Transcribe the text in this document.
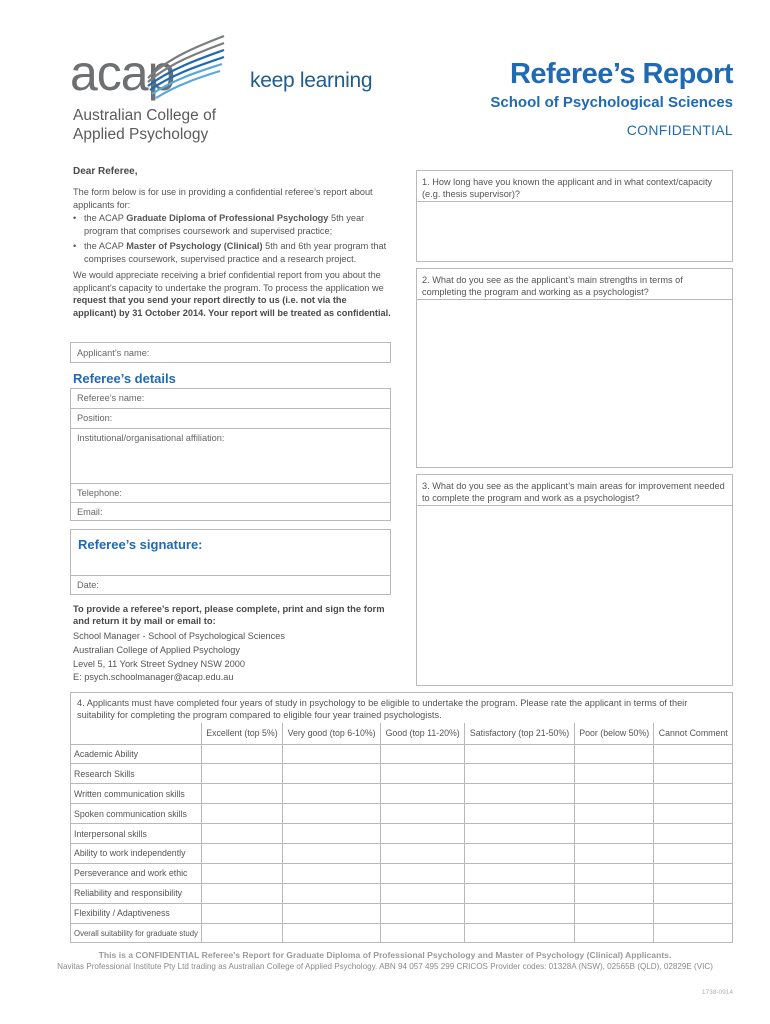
acap	keep learning
Australian College of
Applied Psychology
Referee’s Report
School of Psychological Sciences
CONFIDENTIAL
Dear Referee,
The form below is for use in providing a confidential referee’s report about applicants for:
• the ACAP Graduate Diploma of Professional Psychology 5th year program that comprises coursework and supervised practice;
• the ACAP Master of Psychology (Clinical) 5th and 6th year program that comprises coursework, supervised practice and a research project.
We would appreciate receiving a brief confidential report from you about the applicant’s capacity to undertake the program. To process the application we request that you send your report directly to us (i.e. not via the applicant) by 31 October 2014. Your report will be treated as confidential.
Applicant’s name:
Referee’s details
Referee’s name:
Position:
Institutional/organisational affiliation:
Telephone:
Email:
Referee’s signature:
Date:
To provide a referee’s report, please complete, print and sign the form and return it by mail or email to:
School Manager - School of Psychological Sciences
Australian College of Applied Psychology
Level 5, 11 York Street Sydney NSW 2000
E: psych.schoolmanager@acap.edu.au
1. How long have you known the applicant and in what context/capacity (e.g. thesis supervisor)?
2. What do you see as the applicant’s main strengths in terms of completing the program and working as a psychologist?
3. What do you see as the applicant’s main areas for improvement needed to complete the program and work as a psychologist?
4. Applicants must have completed four years of study in psychology to be eligible to undertake the program. Please rate the applicant in terms of their suitability for completing the program compared to eligible four year trained psychologists.
	Excellent (top 5%)	Very good (top 6-10%)	Good (top 11-20%)	Satisfactory (top 21-50%)	Poor (below 50%)	Cannot Comment
Academic Ability						
Research Skills						
Written communication skills						
Spoken communication skills						
Interpersonal skills						
Ability to work independently						
Perseverance and work ethic						
Reliability and responsibility						
Flexibility / Adaptiveness						
Overall suitability for graduate study						
This is a CONFIDENTIAL Referee’s Report for Graduate Diploma of Professional Psychology and Master of Psychology (Clinical) Applicants.
Navitas Professional Institute Pty Ltd trading as Australian College of Applied Psychology. ABN 94 057 495 299 CRICOS Provider codes: 01328A (NSW), 02565B (QLD), 02829E (VIC)
1738-0914
